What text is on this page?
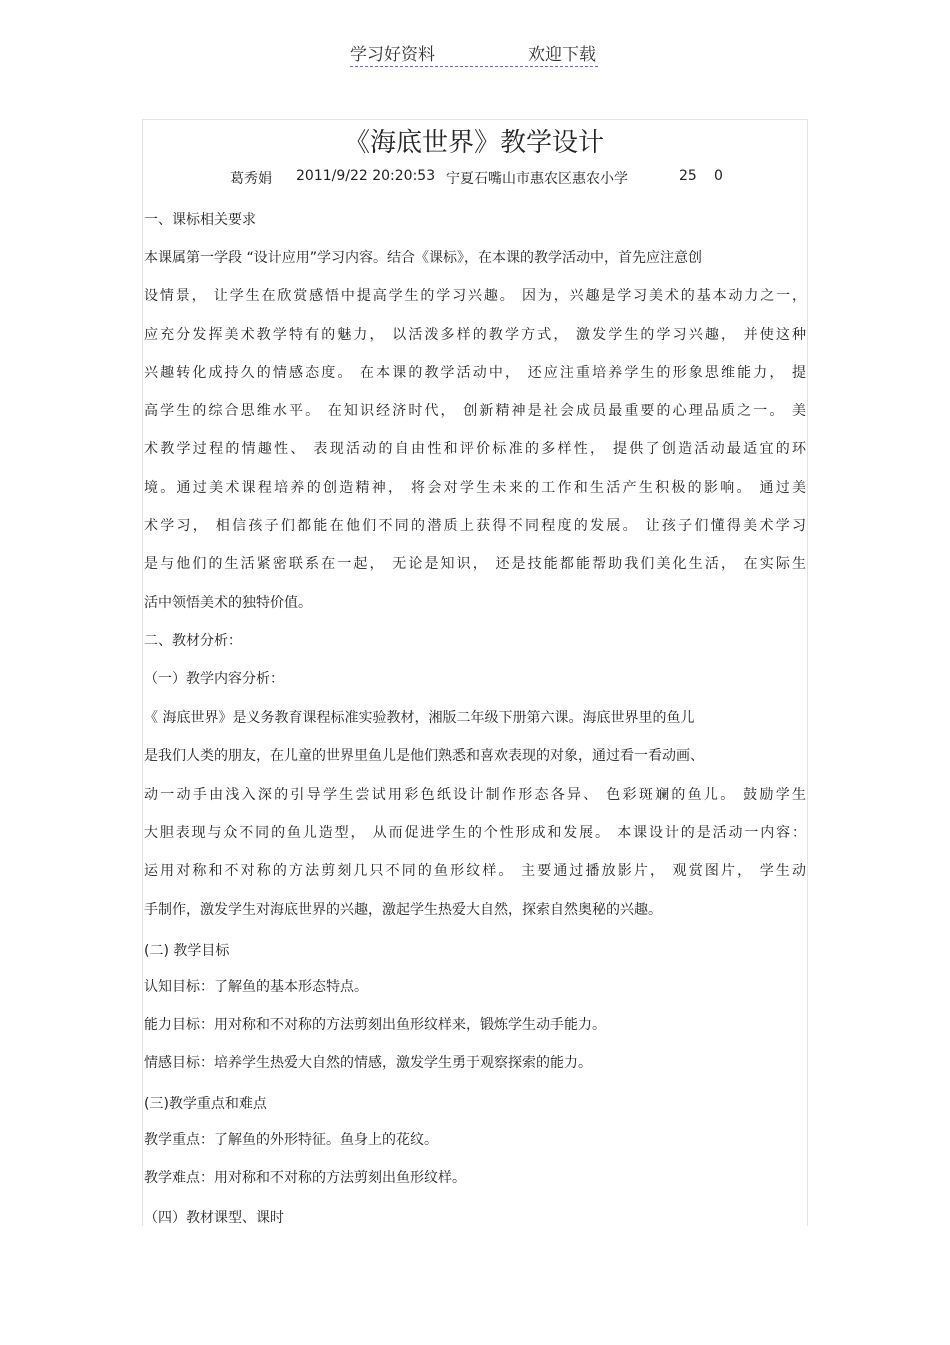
学习好资料	欢迎下载
《海底世界》教学设计
葛秀娟 2011/9/22 20:20:53 宁夏石嘴山市惠农区惠农小学	25 0
一、课标相关要求
本课属第一学段 “设计应用”学习内容。结合《课标》，在本课的教学活动中，首先应注意创
设情景， 让学生在欣赏感悟中提高学生的学习兴趣。 因为，兴趣是学习美术的基本动力之一，
应充分发挥美术教学特有的魅力， 以活泼多样的教学方式， 激发学生的学习兴趣， 并使这种
兴趣转化成持久的情感态度。 在本课的教学活动中， 还应注重培养学生的形象思维能力， 提
高学生的综合思维水平。 在知识经济时代， 创新精神是社会成员最重要的心理品质之一。 美
术教学过程的情趣性、 表现活动的自由性和评价标准的多样性， 提供了创造活动最适宜的环
境。通过美术课程培养的创造精神， 将会对学生未来的工作和生活产生积极的影响。 通过美
术学习， 相信孩子们都能在他们不同的潜质上获得不同程度的发展。 让孩子们懂得美术学习
是与他们的生活紧密联系在一起， 无论是知识， 还是技能都能帮助我们美化生活， 在实际生
活中领悟美术的独特价值。
二、教材分析：
（一）教学内容分析：
《 海底世界》是义务教育课程标准实验教材，湘版二年级下册第六课。海底世界里的鱼儿
是我们人类的朋友，在儿童的世界里鱼儿是他们熟悉和喜欢表现的对象，通过看一看动画、
动一动手由浅入深的引导学生尝试用彩色纸设计制作形态各异、 色彩斑斓的鱼儿。 鼓励学生
大胆表现与众不同的鱼儿造型， 从而促进学生的个性形成和发展。 本课设计的是活动一内容：
运用对称和不对称的方法剪刻几只不同的鱼形纹样。 主要通过播放影片， 观赏图片， 学生动
手制作，激发学生对海底世界的兴趣，激起学生热爱大自然，探索自然奥秘的兴趣。
(二) 教学目标
认知目标：了解鱼的基本形态特点。
能力目标：用对称和不对称的方法剪刻出鱼形纹样来，锻炼学生动手能力。
情感目标：培养学生热爱大自然的情感，激发学生勇于观察探索的能力。
(三)教学重点和难点
教学重点：了解鱼的外形特征。鱼身上的花纹。
教学难点：用对称和不对称的方法剪刻出鱼形纹样。
（四）教材课型、课时
